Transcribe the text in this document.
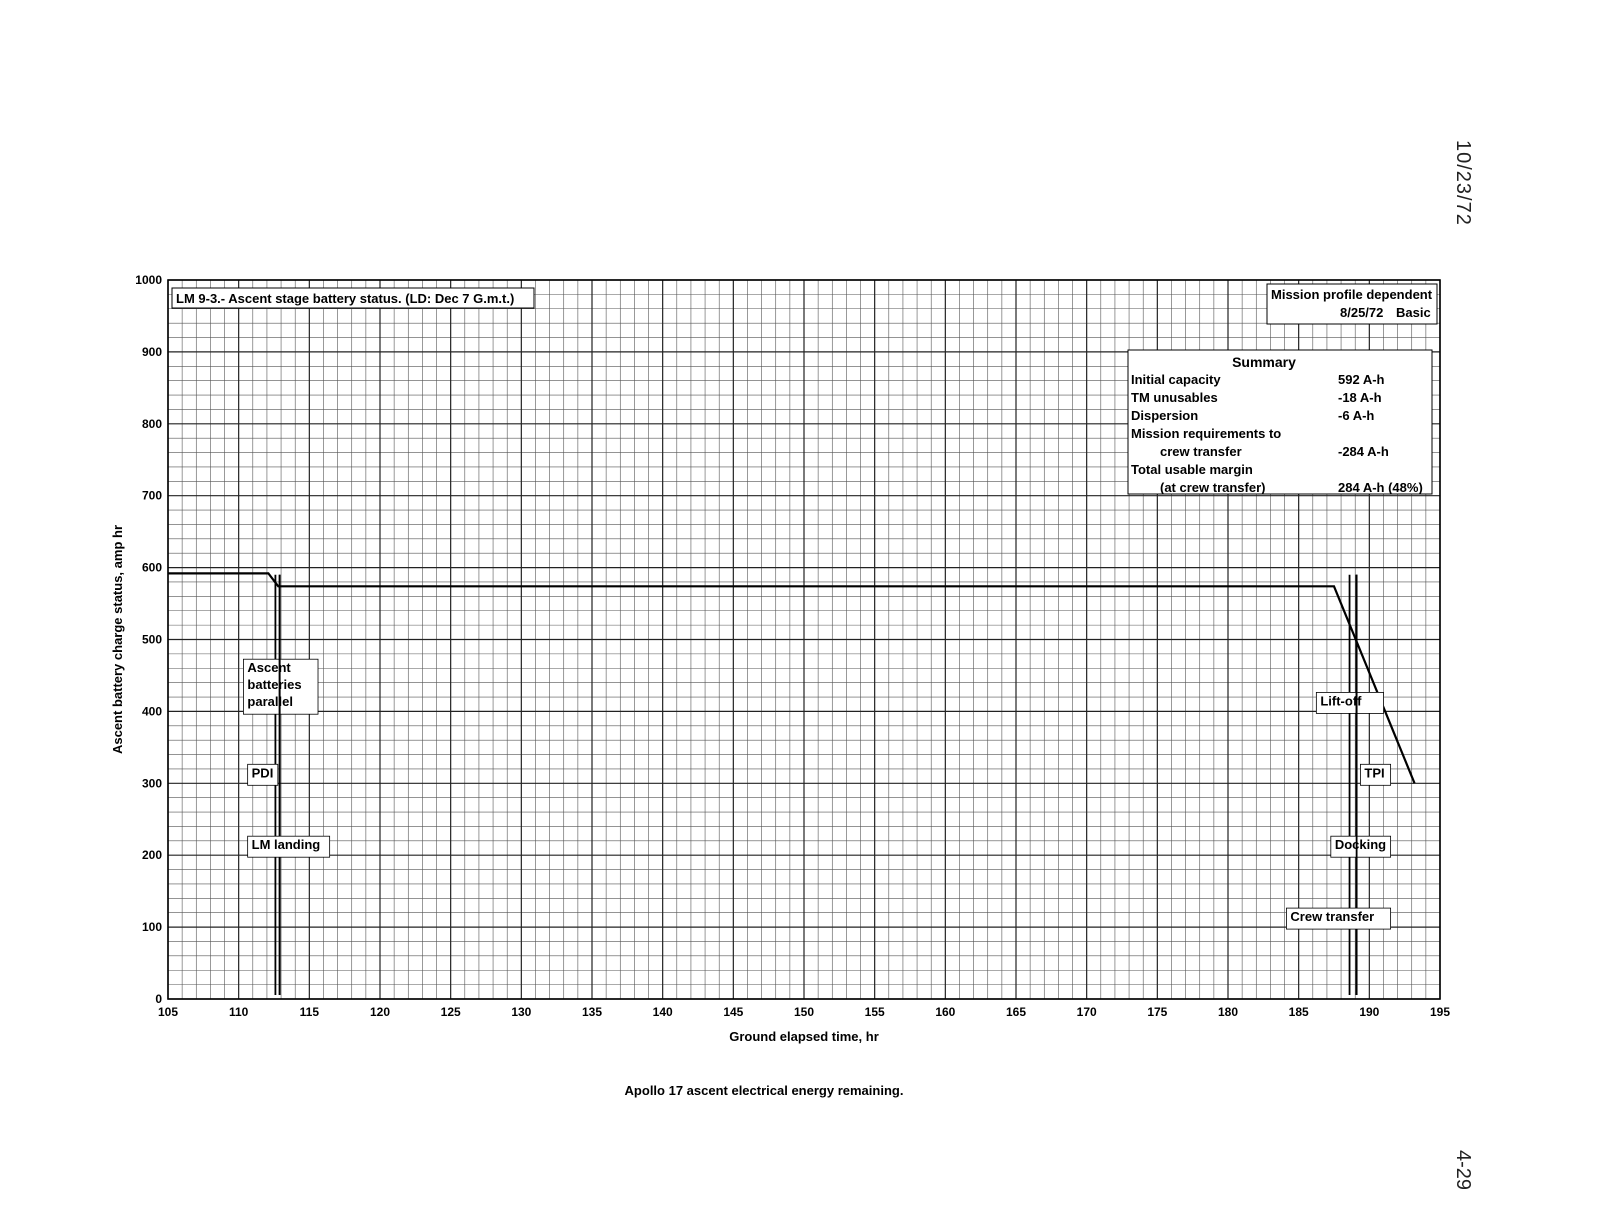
10/23/72
4-29
105	110	115	120	125	130	135	140	145	150	155	160	165	170	175	180	185	190	195
0
100
200
300
400
500
600
700
800
900
1000
Ascent
batteries
parallel
PDI
LM landing
Lift-off
TPI
Docking
Crew transfer
LM 9-3.- Ascent stage battery status. (LD: Dec 7 G.m.t.)	Mission profile dependent
8/25/72 Basic
Summary
Initial capacity	592 A-h
TM unusables	-18 A-h
Dispersion	-6 A-h
Mission requirements to
crew transfer	-284 A-h
Total usable margin
(at crew transfer)	284 A-h (48%)
Ground elapsed time, hr
Ascent battery charge status, amp hr
Apollo 17 ascent electrical energy remaining.
